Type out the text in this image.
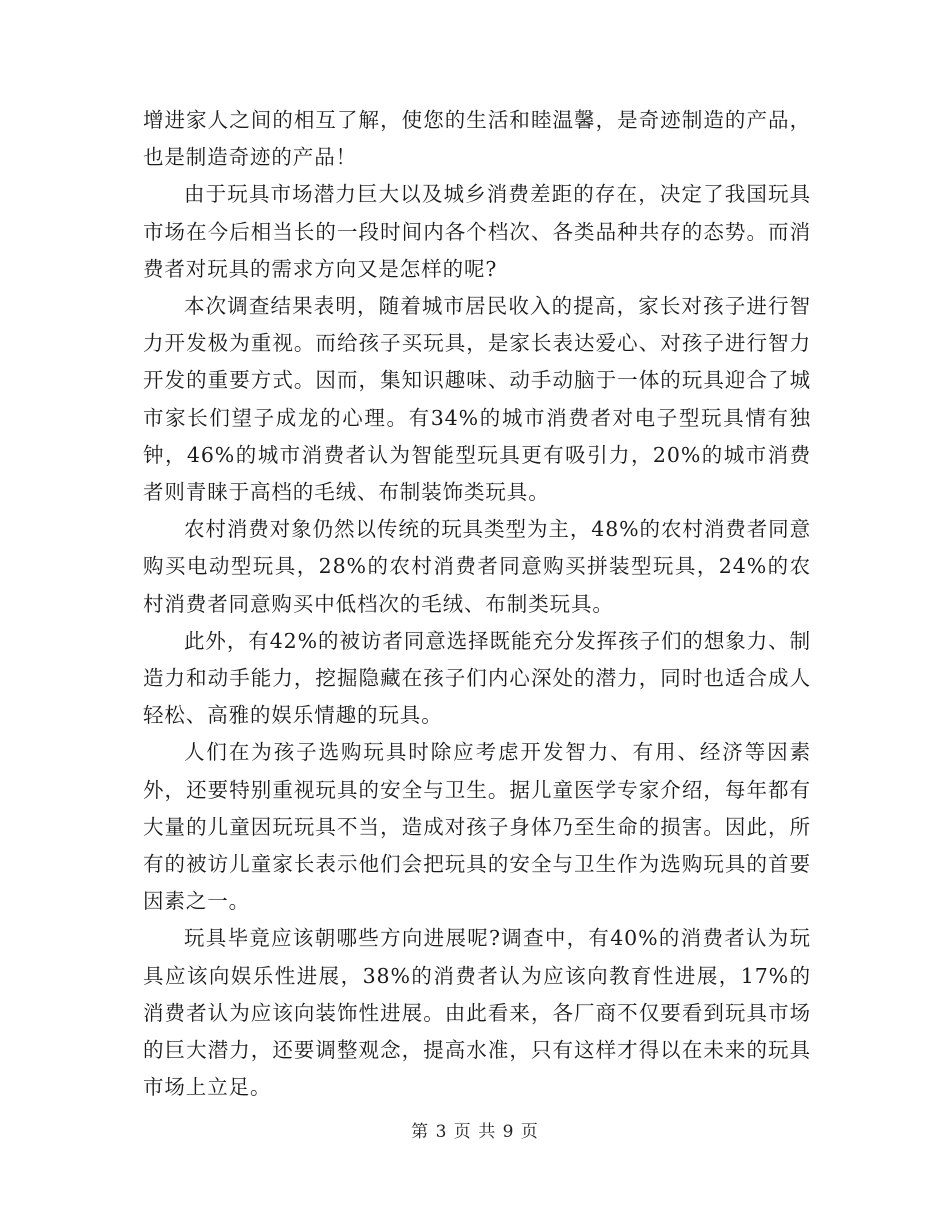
增进家人之间的相互了解，使您的生活和睦温馨，是奇迹制造的产品，也是制造奇迹的产品！

由于玩具市场潜力巨大以及城乡消费差距的存在，决定了我国玩具市场在今后相当长的一段时间内各个档次、各类品种共存的态势。而消费者对玩具的需求方向又是怎样的呢?

本次调查结果表明，随着城市居民收入的提高，家长对孩子进行智力开发极为重视。而给孩子买玩具，是家长表达爱心、对孩子进行智力开发的重要方式。因而，集知识趣味、动手动脑于一体的玩具迎合了城市家长们望子成龙的心理。有34%的城市消费者对电子型玩具情有独钟，46%的城市消费者认为智能型玩具更有吸引力，20%的城市消费者则青睐于高档的毛绒、布制装饰类玩具。

农村消费对象仍然以传统的玩具类型为主，48%的农村消费者同意购买电动型玩具，28%的农村消费者同意购买拼装型玩具，24%的农村消费者同意购买中低档次的毛绒、布制类玩具。

此外，有42%的被访者同意选择既能充分发挥孩子们的想象力、制造力和动手能力，挖掘隐藏在孩子们内心深处的潜力，同时也适合成人轻松、高雅的娱乐情趣的玩具。

人们在为孩子选购玩具时除应考虑开发智力、有用、经济等因素外，还要特别重视玩具的安全与卫生。据儿童医学专家介绍，每年都有大量的儿童因玩玩具不当，造成对孩子身体乃至生命的损害。因此，所有的被访儿童家长表示他们会把玩具的安全与卫生作为选购玩具的首要因素之一。

玩具毕竟应该朝哪些方向进展呢?调查中，有40%的消费者认为玩具应该向娱乐性进展，38%的消费者认为应该向教育性进展，17%的消费者认为应该向装饰性进展。由此看来，各厂商不仅要看到玩具市场的巨大潜力，还要调整观念，提高水准，只有这样才得以在未来的玩具市场上立足。

第 3 页 共 9 页
